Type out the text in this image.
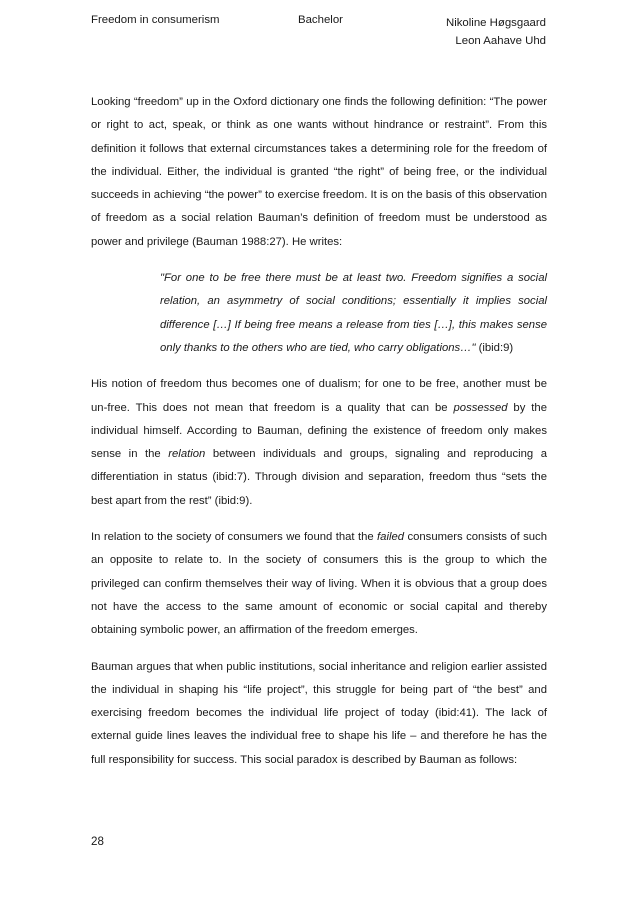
Freedom in consumerism	Bachelor	Nikoline Høgsgaard
Leon Aahave Uhd

Looking “freedom” up in the Oxford dictionary one finds the following definition: “The power or right to act, speak, or think as one wants without hindrance or restraint”. From this definition it follows that external circumstances takes a determining role for the freedom of the individual. Either, the individual is granted “the right” of being free, or the individual succeeds in achieving “the power” to exercise freedom. It is on the basis of this observation of freedom as a social relation Bauman’s definition of freedom must be understood as power and privilege (Bauman 1988:27). He writes:

"For one to be free there must be at least two. Freedom signifies a social relation, an asymmetry of social conditions; essentially it implies social difference […] If being free means a release from ties […], this makes sense only thanks to the others who are tied, who carry obligations…" (ibid:9)

His notion of freedom thus becomes one of dualism; for one to be free, another must be un-free. This does not mean that freedom is a quality that can be possessed by the individual himself. According to Bauman, defining the existence of freedom only makes sense in the relation between individuals and groups, signaling and reproducing a differentiation in status (ibid:7). Through division and separation, freedom thus “sets the best apart from the rest” (ibid:9).

In relation to the society of consumers we found that the failed consumers consists of such an opposite to relate to. In the society of consumers this is the group to which the privileged can confirm themselves their way of living. When it is obvious that a group does not have the access to the same amount of economic or social capital and thereby obtaining symbolic power, an affirmation of the freedom emerges.

Bauman argues that when public institutions, social inheritance and religion earlier assisted the individual in shaping his “life project”, this struggle for being part of “the best” and exercising freedom becomes the individual life project of today (ibid:41). The lack of external guide lines leaves the individual free to shape his life – and therefore he has the full responsibility for success. This social paradox is described by Bauman as follows:

28
